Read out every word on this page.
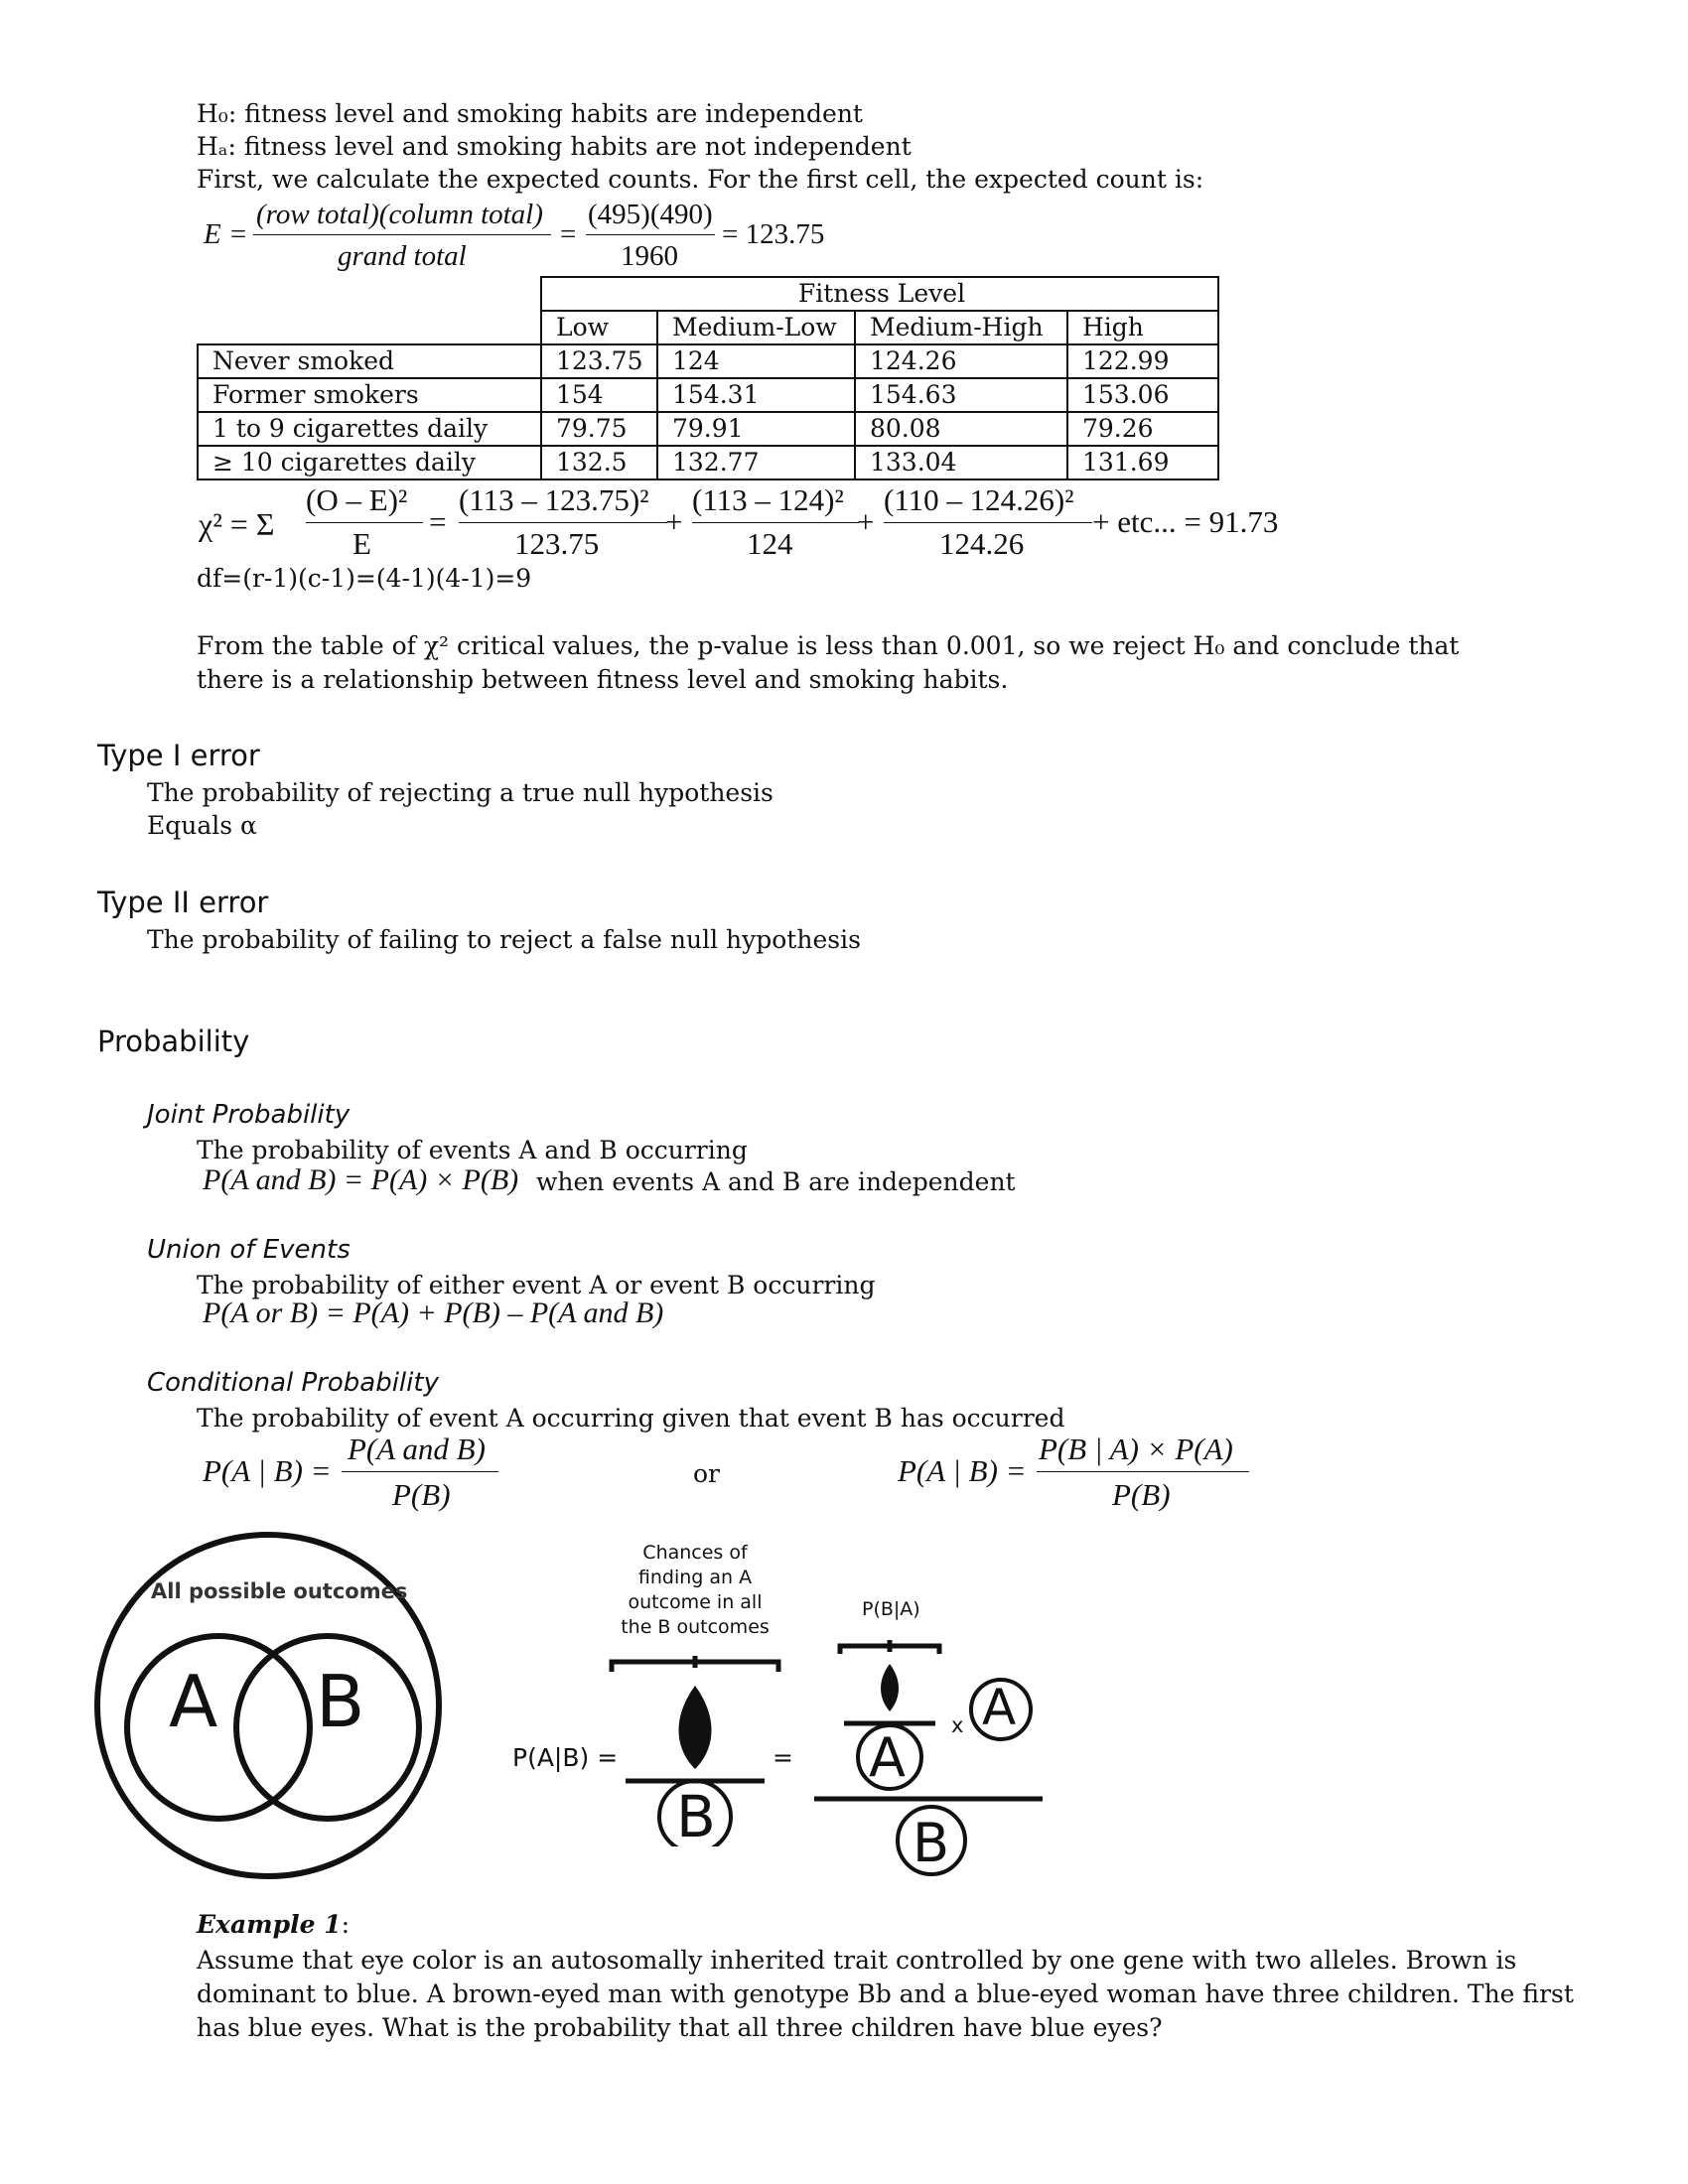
H₀: fitness level and smoking habits are independent
Hₐ: fitness level and smoking habits are not independent
First, we calculate the expected counts. For the first cell, the expected count is:
E =
(row total)(column total)
grand total
=
(495)(490)
1960
= 123.75
	Fitness Level			
	Low	Medium-Low	Medium-High	High
Never smoked	123.75	124	124.26	122.99
Former smokers	154	154.31	154.63	153.06
1 to 9 cigarettes daily	79.75	79.91	80.08	79.26
≥ 10 cigarettes daily	132.5	132.77	133.04	131.69
χ² = Σ
(O – E)²
E
=
(113 – 123.75)²
123.75
+
(113 – 124)²
124
+
(110 – 124.26)²
124.26
+ etc... = 91.73
df=(r-1)(c-1)=(4-1)(4-1)=9
From the table of χ² critical values, the p-value is less than 0.001, so we reject H₀ and conclude that there is a relationship between fitness level and smoking habits.
Type I error
The probability of rejecting a true null hypothesis
Equals α
Type II error
The probability of failing to reject a false null hypothesis
Probability
Joint Probability
The probability of events A and B occurring
P(A and B) = P(A) × P(B) when events A and B are independent
Union of Events
The probability of either event A or event B occurring
P(A or B) = P(A) + P(B) – P(A and B)
Conditional Probability
The probability of event A occurring given that event B has occurred
P(A | B) =
P(A and B)
P(B)
or	P(A | B) =
P(B | A) × P(A)
P(B)
All possible outcomes
A B
Chances of
finding an A
outcome in all
the B outcomes
B
P(A|B) =	=
P(B|A)
A
A
x
B
Example 1:
Assume that eye color is an autosomally inherited trait controlled by one gene with two alleles. Brown is dominant to blue. A brown-eyed man with genotype Bb and a blue-eyed woman have three children. The first has blue eyes. What is the probability that all three children have blue eyes?
